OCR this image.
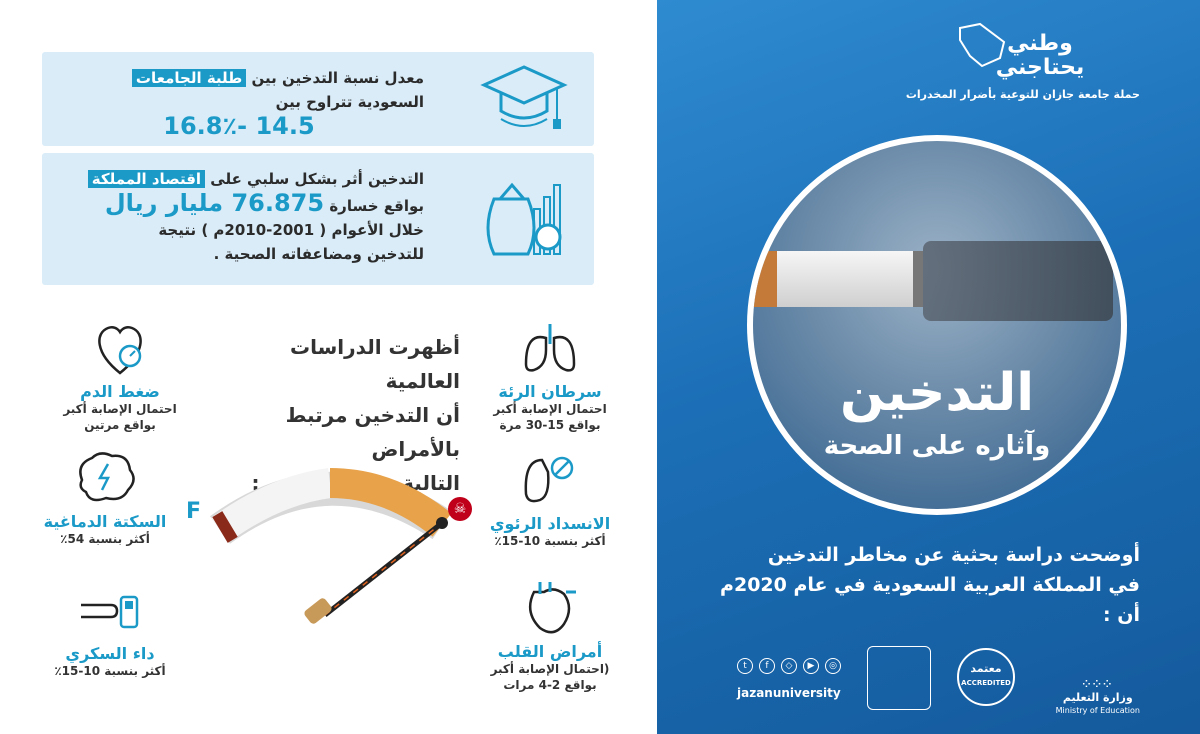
معدل نسبة التدخين بين طلبة الجامعات
السعودية تتراوح بين
14.5 -16.8٪
التدخين أثر بشكل سلبي على اقتصاد المملكة
بواقع خسارة 76.875 مليار ريال
خلال الأعوام ( 2001-2010م ) نتيجة
للتدخين ومضاعفاته الصحية .
أظهرت الدراسات العالمية
أن التدخين مرتبط بالأمراض
التالية بين المدخنين :
ضغط الدم
احتمال الإصابة أكبر
بواقع مرتين
السكتة الدماغية
أكثر بنسبة 54٪
داء السكري
أكثر بنسبة 10-15٪
سرطان الرئة
احتمال الإصابة أكبر
بواقع 15-30 مرة
الانسداد الرئوي
أكثر بنسبة 10-15٪
أمراض القلب
(احتمال الإصابة أكبر
بواقع 2-4 مرات
F	☠
وطني
يحتاجني
حملة جامعة جازان للتوعية بأضرار المخدرات
التدخين
وآثاره على الصحة
أوضحت دراسة بحثية عن مخاطر التدخين
في المملكة العربية السعودية في عام 2020م أن :
t	f	◇	▶	◎
jazanuniversity
معتمد
ACCREDITED	⁘⁘⁘
وزارة التعليم
Ministry of Education
